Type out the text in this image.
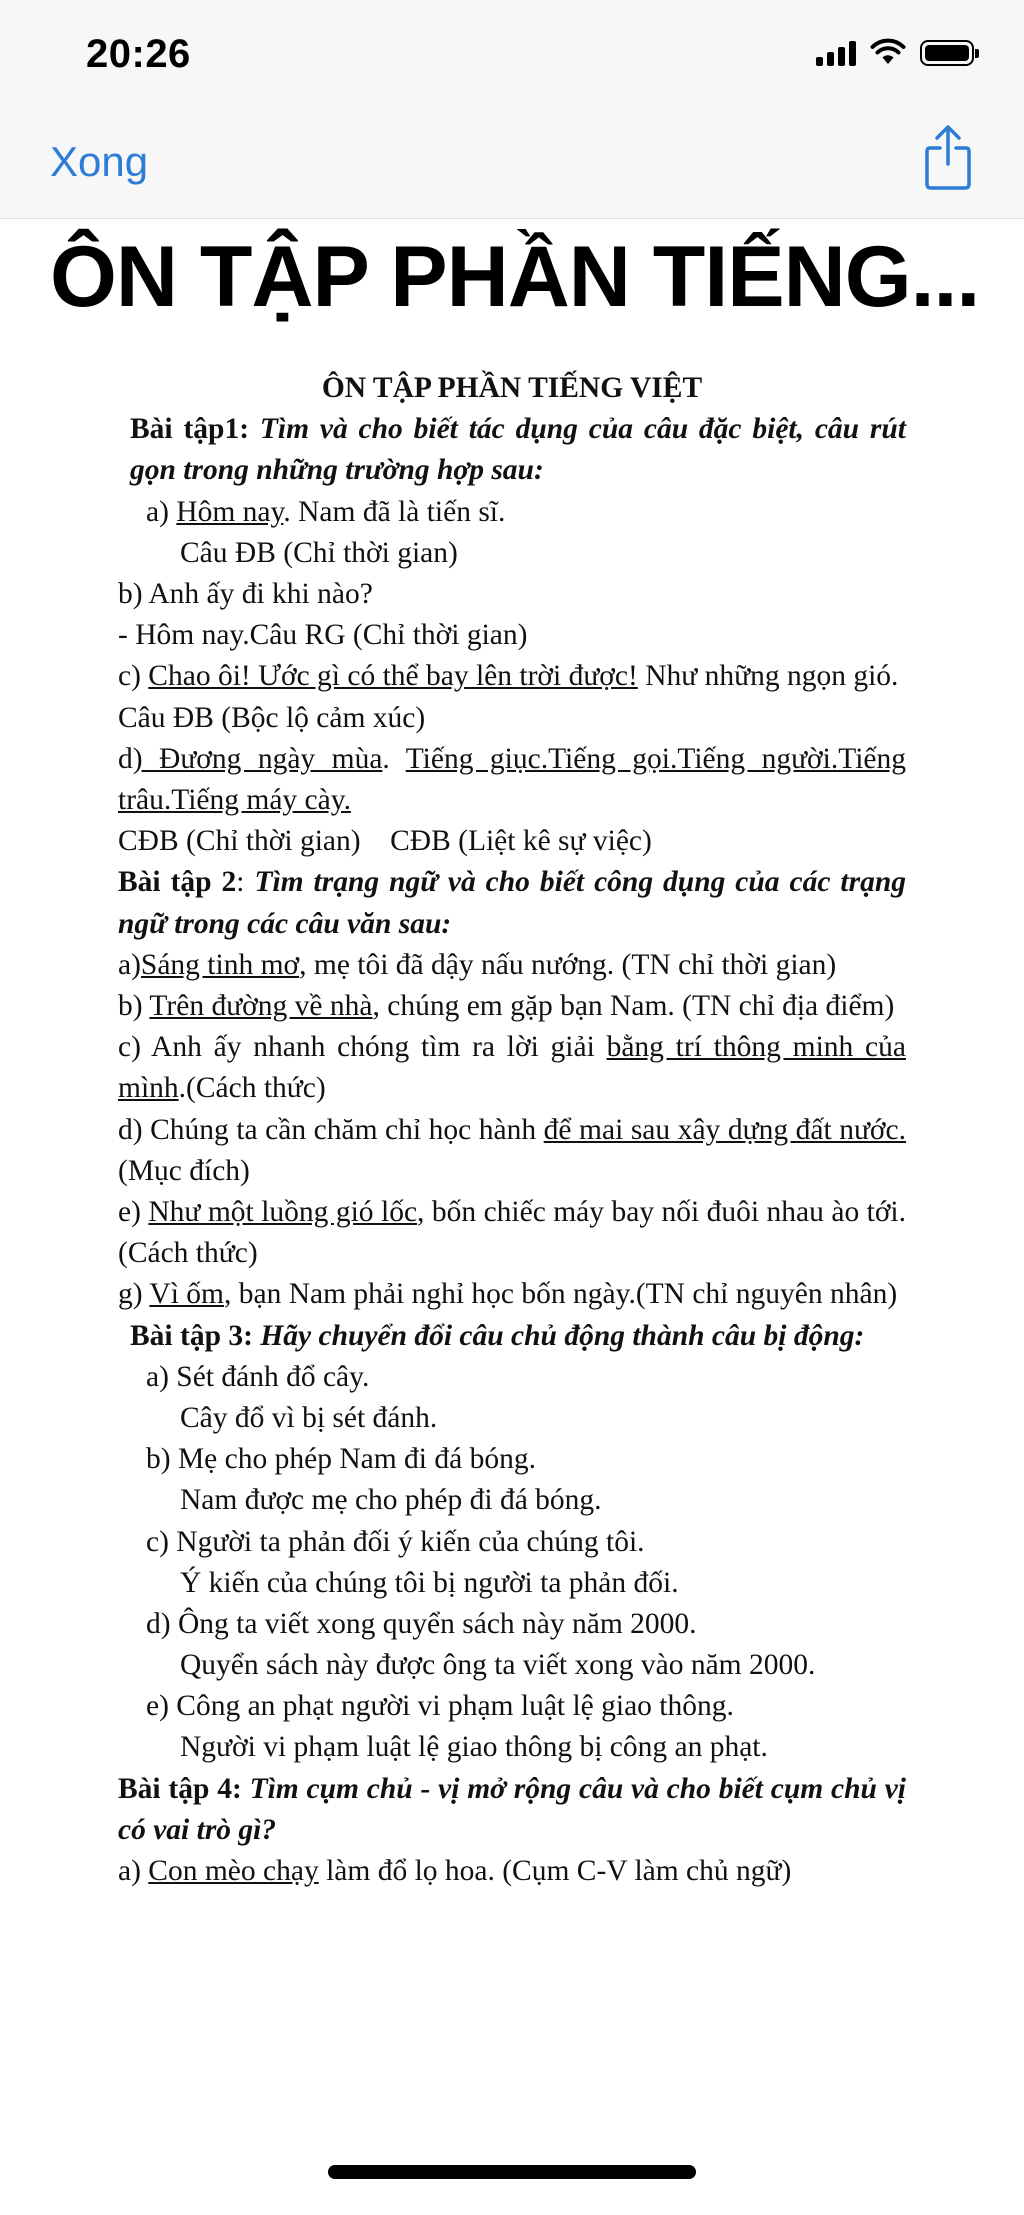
20:26
Xong
ÔN TẬP PHẦN TIẾNG...
ÔN TẬP PHẦN TIẾNG VIỆT
Bài tập1: Tìm và cho biết tác dụng của câu đặc biệt, câu rút gọn trong những trường hợp sau:
a) Hôm nay. Nam đã là tiến sĩ.
Câu ĐB (Chỉ thời gian)
b) Anh ấy đi khi nào?
- Hôm nay.Câu RG (Chỉ thời gian)
c) Chao ôi! Ước gì có thể bay lên trời được! Như những ngọn gió.
Câu ĐB (Bộc lộ cảm xúc)
d) Đương ngày mùa. Tiếng giục.Tiếng gọi.Tiếng người.Tiếng trâu.Tiếng máy cày.
CĐB (Chỉ thời gian)    CĐB (Liệt kê sự việc)
Bài tập 2: Tìm trạng ngữ và cho biết công dụng của các trạng ngữ trong các câu văn sau:
a)Sáng tinh mơ, mẹ tôi đã dậy nấu nướng. (TN chỉ thời gian)
b) Trên đường về nhà, chúng em gặp bạn Nam. (TN chỉ địa điểm)
c) Anh ấy nhanh chóng tìm ra lời giải bằng trí thông minh của mình.(Cách thức)
d) Chúng ta cần chăm chỉ học hành để mai sau xây dựng đất nước. (Mục đích)
e) Như một luồng gió lốc, bốn chiếc máy bay nối đuôi nhau ào tới.(Cách thức)
g) Vì ốm, bạn Nam phải nghỉ học bốn ngày.(TN chỉ nguyên nhân)
Bài tập 3: Hãy chuyển đổi câu chủ động thành câu bị động:
a) Sét đánh đổ cây.
Cây đổ vì bị sét đánh.
b) Mẹ cho phép Nam đi đá bóng.
Nam được mẹ cho phép đi đá bóng.
c) Người ta phản đối ý kiến của chúng tôi.
Ý kiến của chúng tôi bị người ta phản đối.
d) Ông ta viết xong quyển sách này năm 2000.
Quyển sách này được ông ta viết xong vào năm 2000.
e) Công an phạt người vi phạm luật lệ giao thông.
Người vi phạm luật lệ giao thông bị công an phạt.
Bài tập 4: Tìm cụm chủ - vị mở rộng câu và cho biết cụm chủ vị có vai trò gì?
a) Con mèo chạy làm đổ lọ hoa. (Cụm C-V làm chủ ngữ)
